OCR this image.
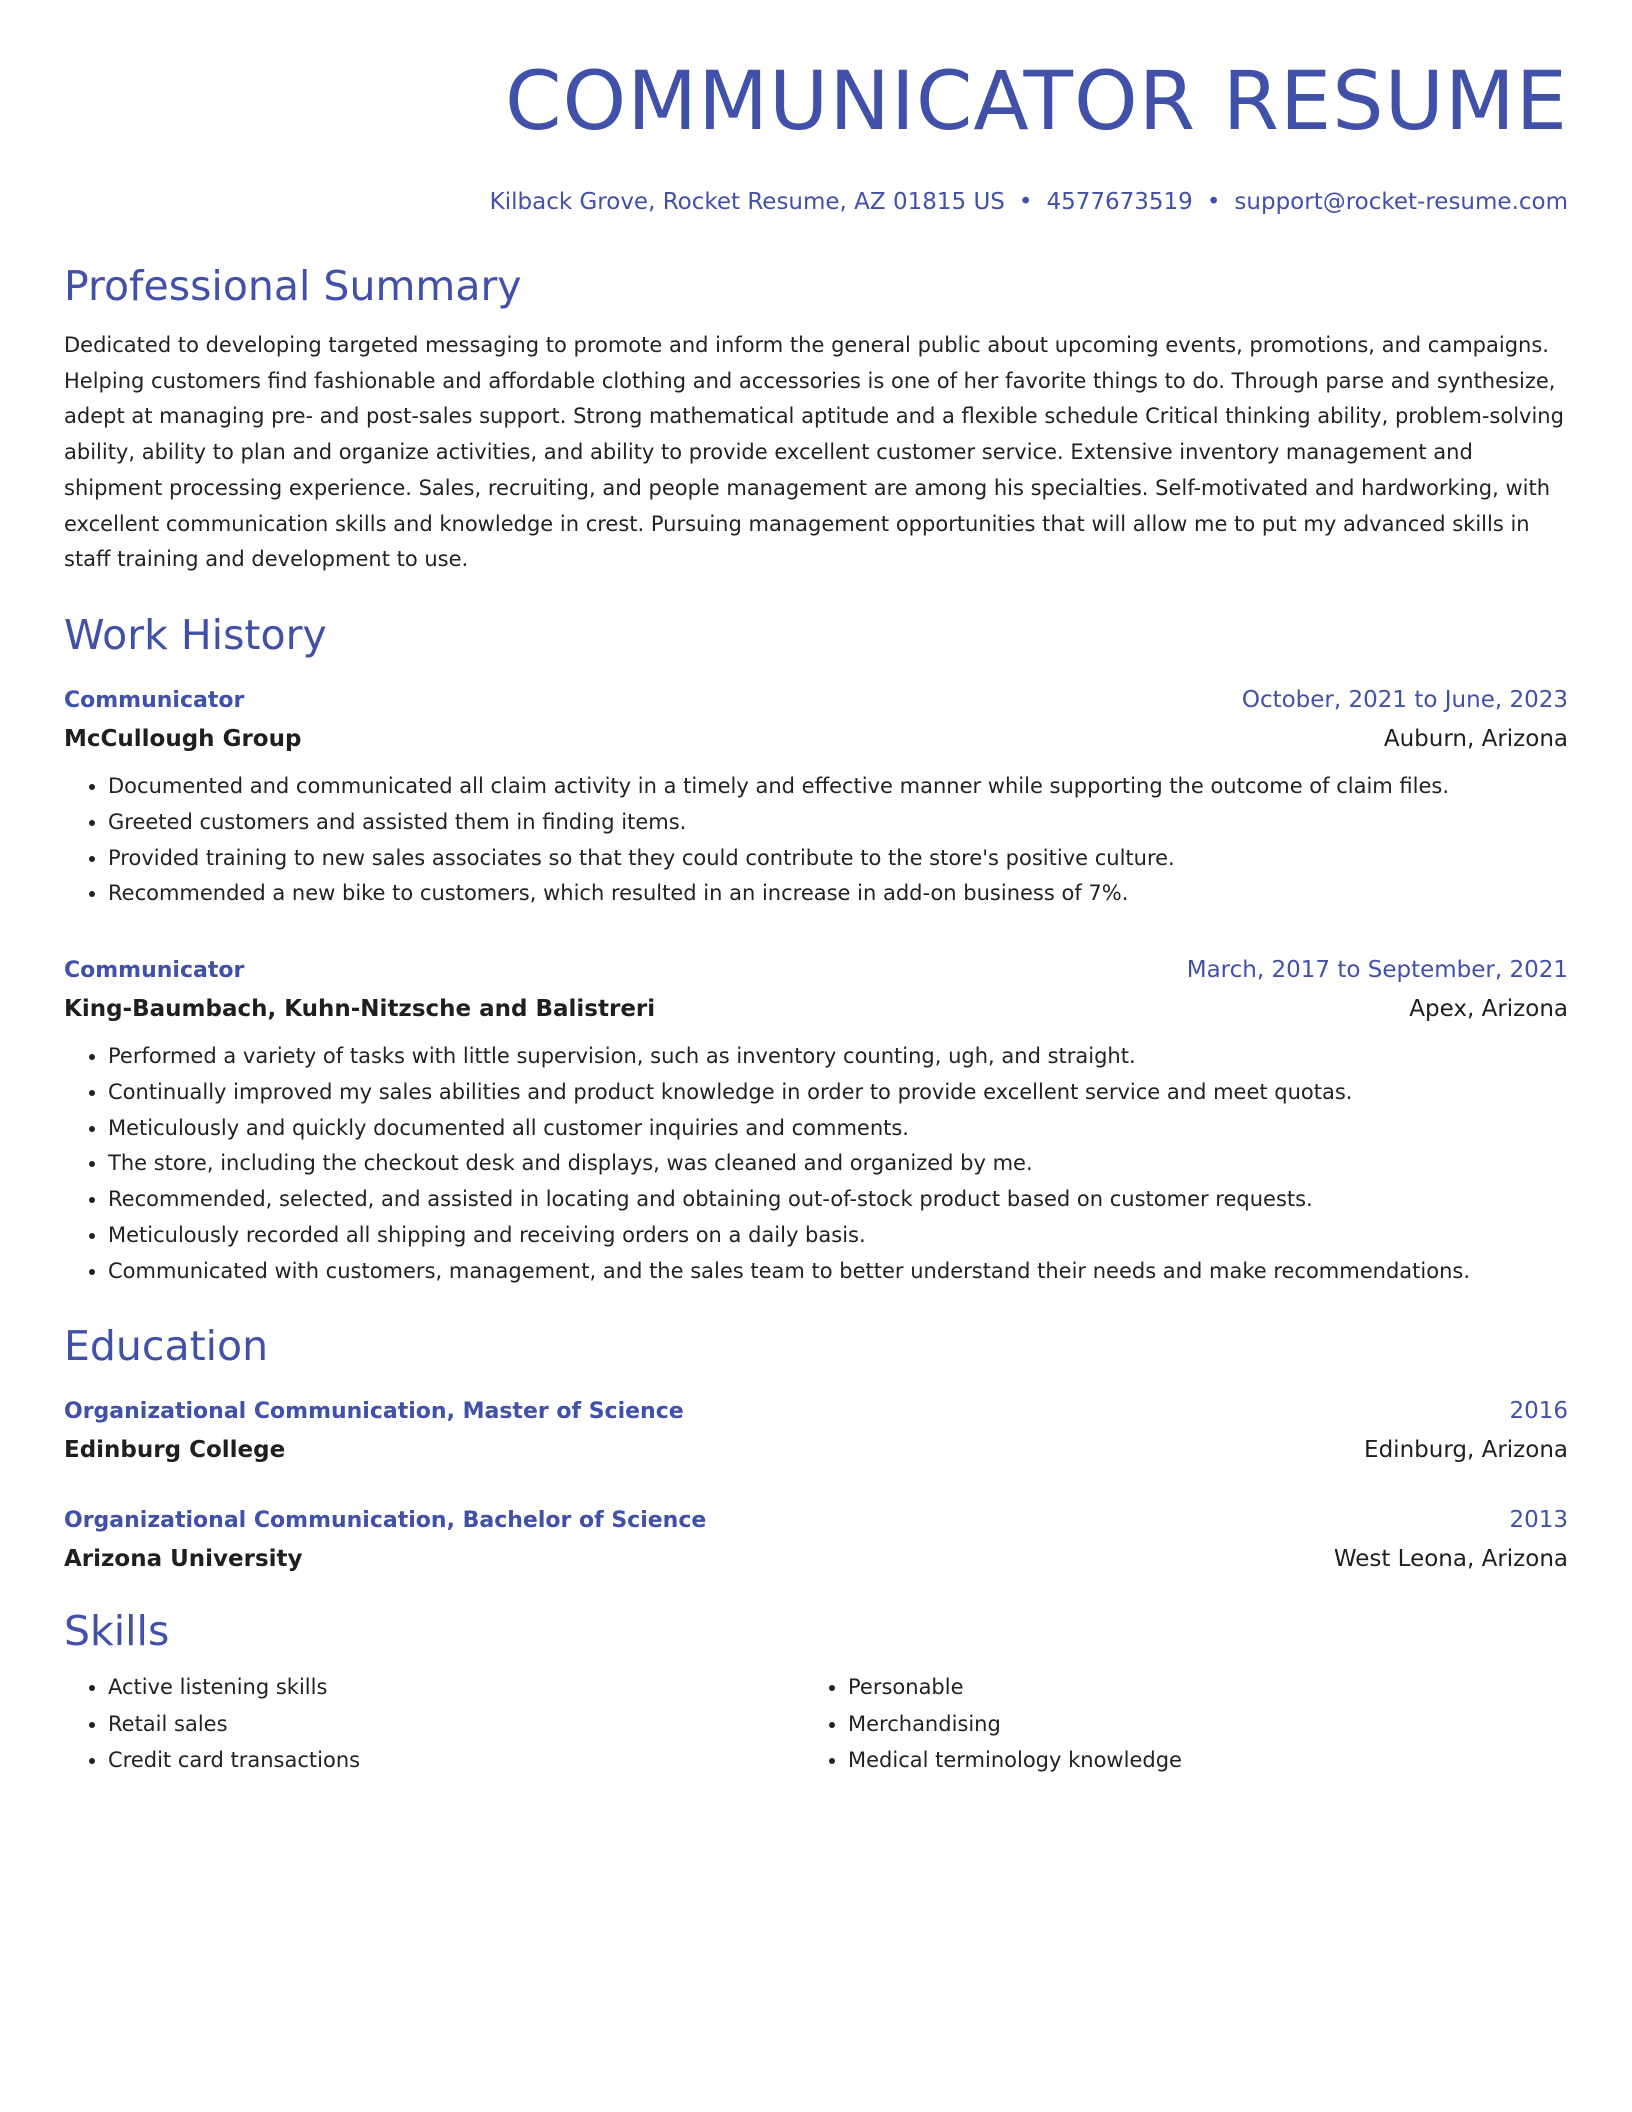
COMMUNICATOR RESUME
Kilback Grove, Rocket Resume, AZ 01815 US • 4577673519 • support@rocket-resume.com
Professional Summary

Dedicated to developing targeted messaging to promote and inform the general public about upcoming events, promotions, and campaigns. Helping customers find fashionable and affordable clothing and accessories is one of her favorite things to do. Through parse and synthesize, adept at managing pre- and post-sales support. Strong mathematical aptitude and a flexible schedule Critical thinking ability, problem-solving ability, ability to plan and organize activities, and ability to provide excellent customer service. Extensive inventory management and shipment processing experience. Sales, recruiting, and people management are among his specialties. Self-motivated and hardworking, with excellent communication skills and knowledge in crest. Pursuing management opportunities that will allow me to put my advanced skills in staff training and development to use.

Work History
Communicator	October, 2021 to June, 2023
McCullough Group	Auburn, Arizona
• Documented and communicated all claim activity in a timely and effective manner while supporting the outcome of claim files.
• Greeted customers and assisted them in finding items.
• Provided training to new sales associates so that they could contribute to the store's positive culture.
• Recommended a new bike to customers, which resulted in an increase in add-on business of 7%.
Communicator	March, 2017 to September, 2021
King-Baumbach, Kuhn-Nitzsche and Balistreri	Apex, Arizona
• Performed a variety of tasks with little supervision, such as inventory counting, ugh, and straight.
• Continually improved my sales abilities and product knowledge in order to provide excellent service and meet quotas.
• Meticulously and quickly documented all customer inquiries and comments.
• The store, including the checkout desk and displays, was cleaned and organized by me.
• Recommended, selected, and assisted in locating and obtaining out-of-stock product based on customer requests.
• Meticulously recorded all shipping and receiving orders on a daily basis.
• Communicated with customers, management, and the sales team to better understand their needs and make recommendations.
Education
Organizational Communication, Master of Science	2016
Edinburg College	Edinburg, Arizona
Organizational Communication, Bachelor of Science	2013
Arizona University	West Leona, Arizona
Skills
• Active listening skills
• Retail sales
• Credit card transactions
• Personable
• Merchandising
• Medical terminology knowledge
